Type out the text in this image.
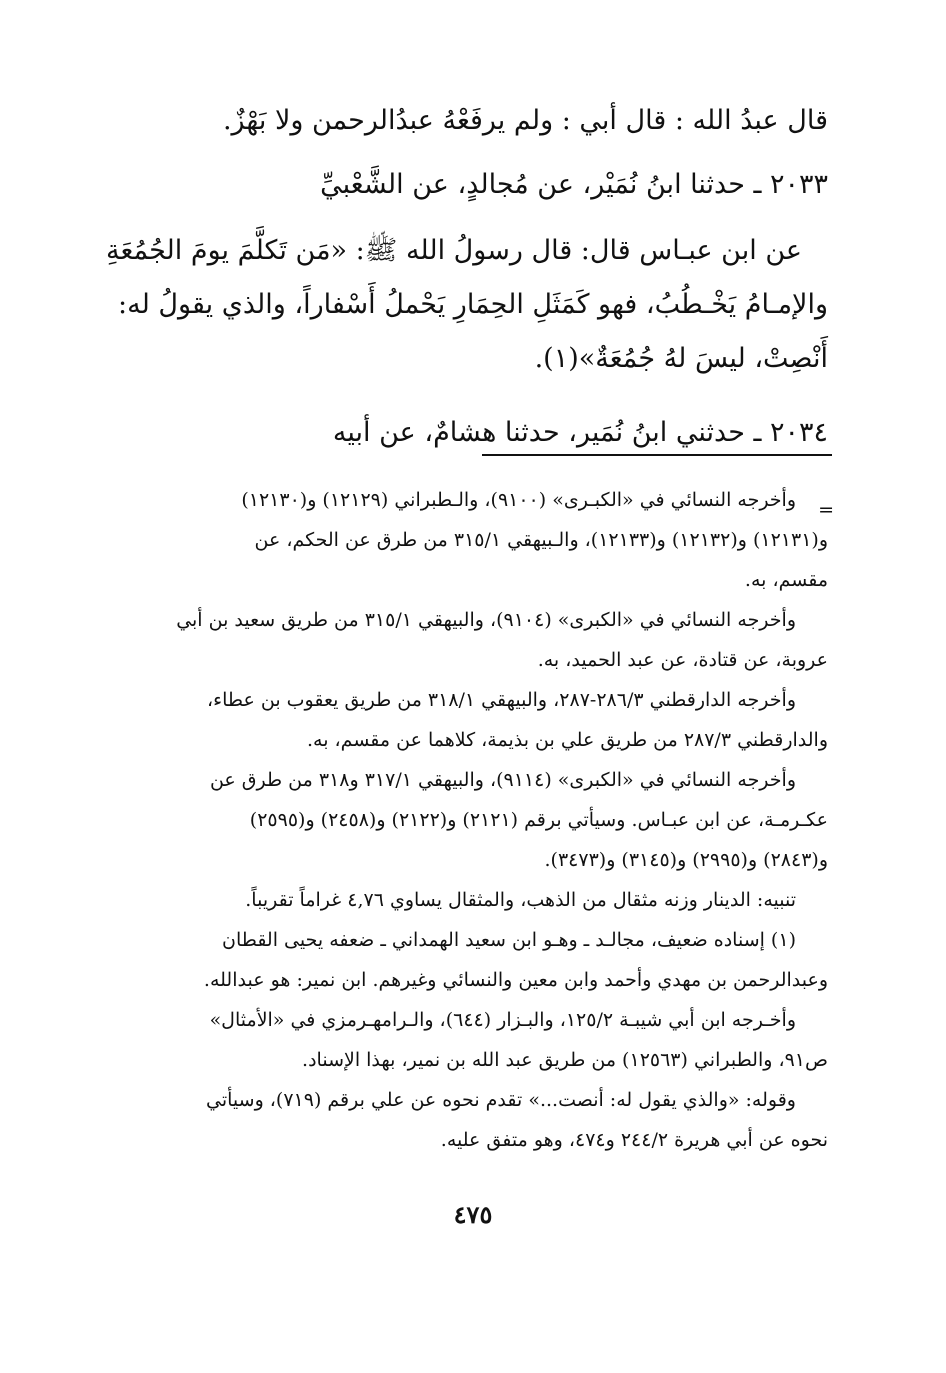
قال عبدُ الله : قال أبي : ولم يرفَعْهُ عبدُالرحمن ولا بَهْزٌ.
٢٠٣٣ ـ حدثنا ابنُ نُمَيْر، عن مُجالدٍ، عن الشَّعْبيِّ
عن ابن عبـاس قال: قال رسولُ الله ﷺ: «مَن تَكلَّمَ يومَ الجُمُعَةِ
والإمـامُ يَخْـطُبُ، فهو كَمَثَلِ الحِمَارِ يَحْملُ أَسْفاراً، والذي يقولُ له:
أَنْصِتْ، ليسَ لهُ جُمُعَةٌ»(١).
٢٠٣٤ ـ حدثني ابنُ نُمَير، حدثنا هشامٌ، عن أبيه
=
وأخرجه النسائي في «الكبـرى» (٩١٠٠)، والـطبراني (١٢١٢٩) و(١٢١٣٠)
و(١٢١٣١) و(١٢١٣٢) و(١٢١٣٣)، والـبيهقي ٣١٥/١ من طرق عن الحكم، عن
مقسم، به.
وأخرجه النسائي في «الكبرى» (٩١٠٤)، والبيهقي ٣١٥/١ من طريق سعيد بن أبي
عروبة، عن قتادة، عن عبد الحميد، به.
وأخرجه الدارقطني ٢٨٦/٣-٢٨٧، والبيهقي ٣١٨/١ من طريق يعقوب بن عطاء،
والدارقطني ٢٨٧/٣ من طريق علي بن بذيمة، كلاهما عن مقسم، به.
وأخرجه النسائي في «الكبرى» (٩١١٤)، والبيهقي ٣١٧/١ و٣١٨ من طرق عن
عكـرمـة، عن ابن عبـاس. وسيأتي برقم (٢١٢١) و(٢١٢٢) و(٢٤٥٨) و(٢٥٩٥)
و(٢٨٤٣) و(٢٩٩٥) و(٣١٤٥) و(٣٤٧٣).
تنبيه: الدينار وزنه مثقال من الذهب، والمثقال يساوي ٤,٧٦ غراماً تقريباً.
(١) إسناده ضعيف، مجالـد ـ وهـو ابن سعيد الهمداني ـ ضعفه يحيى القطان
وعبدالرحمن بن مهدي وأحمد وابن معين والنسائي وغيرهم. ابن نمير: هو عبدالله.
وأخـرجه ابن أبي شيبـة ١٢٥/٢، والبـزار (٦٤٤)، والـرامهـرمزي في «الأمثال»
ص٩١، والطبراني (١٢٥٦٣) من طريق عبد الله بن نمير، بهذا الإسناد.
وقوله: «والذي يقول له: أنصت...» تقدم نحوه عن علي برقم (٧١٩)، وسيأتي
نحوه عن أبي هريرة ٢٤٤/٢ و٤٧٤، وهو متفق عليه.
٤٧٥
